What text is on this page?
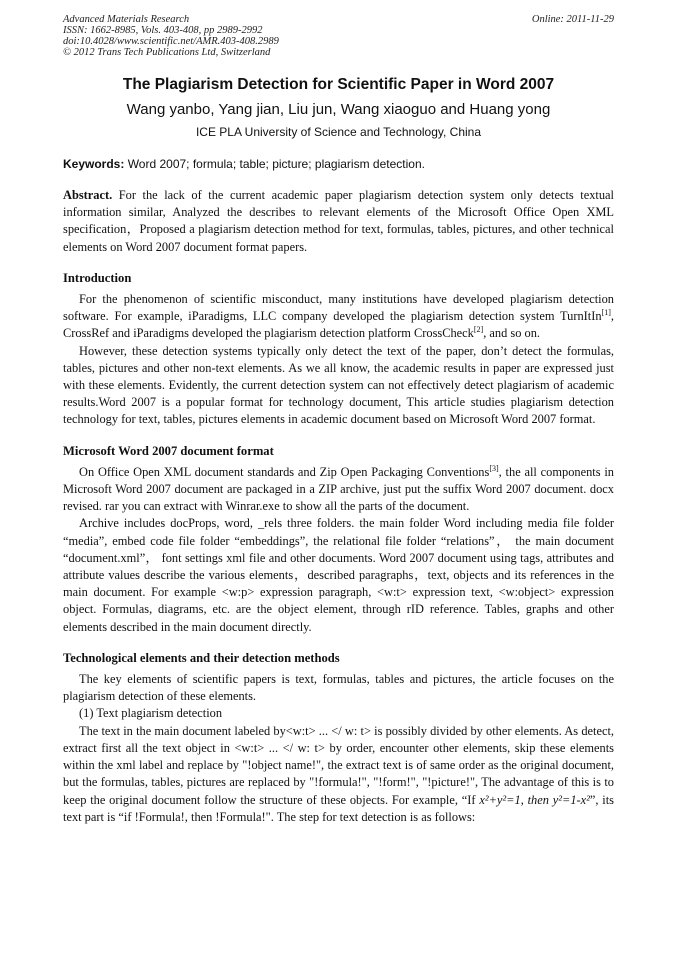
Advanced Materials Research
ISSN: 1662-8985, Vols. 403-408, pp 2989-2992
doi:10.4028/www.scientific.net/AMR.403-408.2989
© 2012 Trans Tech Publications Ltd, Switzerland
Online: 2011-11-29
The Plagiarism Detection for Scientific Paper in Word 2007
Wang yanbo, Yang jian, Liu jun, Wang xiaoguo and Huang yong
ICE PLA University of Science and Technology, China
Keywords: Word 2007; formula; table; picture; plagiarism detection.

Abstract. For the lack of the current academic paper plagiarism detection system only detects textual information similar, Analyzed the describes to relevant elements of the Microsoft Office Open XML specification，Proposed a plagiarism detection method for text, formulas, tables, pictures, and other technical elements on Word 2007 document format papers.

Introduction

For the phenomenon of scientific misconduct, many institutions have developed plagiarism detection software. For example, iParadigms, LLC company developed the plagiarism detection system TurnItIn[1], CrossRef and iParadigms developed the plagiarism detection platform CrossCheck[2], and so on.

However, these detection systems typically only detect the text of the paper, don’t detect the formulas, tables, pictures and other non-text elements. As we all know, the academic results in paper are expressed just with these elements. Evidently, the current detection system can not effectively detect plagiarism of academic results.Word 2007 is a popular format for technology document, This article studies plagiarism detection technology for text, tables, pictures elements in academic document based on Microsoft Word 2007 format.

Microsoft Word 2007 document format

On Office Open XML document standards and Zip Open Packaging Conventions[3], the all components in Microsoft Word 2007 document are packaged in a ZIP archive, just put the suffix Word 2007 document. docx revised. rar you can extract with Winrar.exe to show all the parts of the document.

Archive includes docProps, word, _rels three folders. the main folder Word including media file folder “media”, embed code file folder “embeddings”, the relational file folder “relations”， the main document “document.xml”， font settings xml file and other documents. Word 2007 document using tags, attributes and attribute values describe the various elements，described paragraphs，text, objects and its references in the main document. For example <w:p> expression paragraph, <w:t> expression text, <w:object> expression object. Formulas, diagrams, etc. are the object element, through rID reference. Tables, graphs and other elements described in the main document directly.

Technological elements and their detection methods

The key elements of scientific papers is text, formulas, tables and pictures, the article focuses on the plagiarism detection of these elements.

(1) Text plagiarism detection

The text in the main document labeled by<w:t> ... </ w: t> is possibly divided by other elements. As detect, extract first all the text object in <w:t> ... </ w: t> by order, encounter other elements, skip these elements within the xml label and replace by "!object name!", the extract text is of same order as the original document, but the formulas, tables, pictures are replaced by "!formula!", "!form!", "!picture!", The advantage of this is to keep the original document follow the structure of these objects. For example, “If x²+y²=1, then y²=1-x²”, its text part is “if !Formula!, then !Formula!". The step for text detection is as follows:
